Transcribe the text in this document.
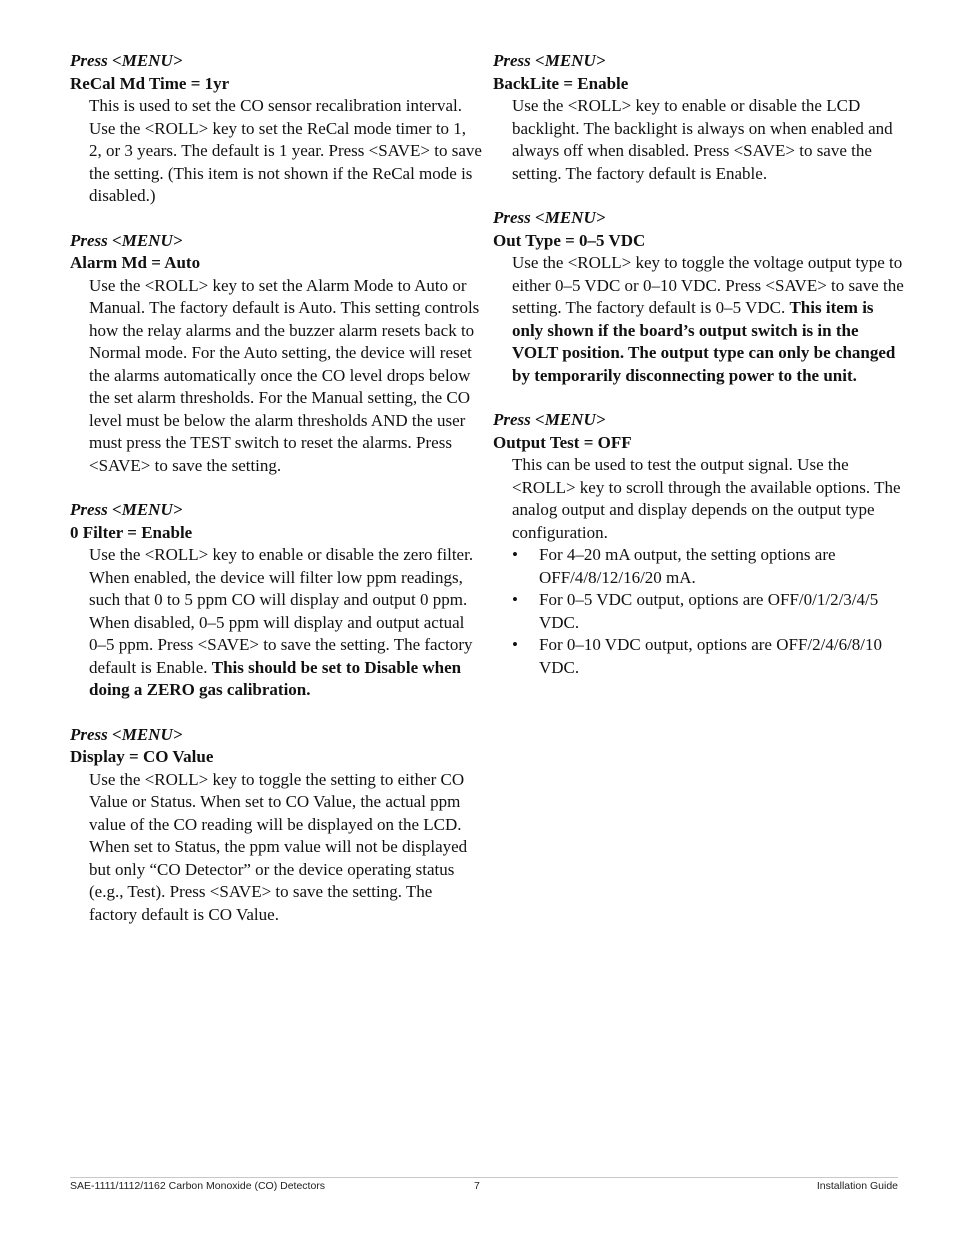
Press <MENU>
ReCal Md Time = 1yr
This is used to set the CO sensor recalibration interval. Use the <ROLL> key to set the ReCal mode timer to 1, 2, or 3 years. The default is 1 year. Press <SAVE> to save the setting. (This item is not shown if the ReCal mode is disabled.)
Press <MENU>
Alarm Md = Auto
Use the <ROLL> key to set the Alarm Mode to Auto or Manual. The factory default is Auto. This setting controls how the relay alarms and the buzzer alarm resets back to Normal mode. For the Auto setting, the device will reset the alarms automatically once the CO level drops below the set alarm thresholds. For the Manual setting, the CO level must be below the alarm thresholds AND the user must press the TEST switch to reset the alarms. Press <SAVE> to save the setting.
Press <MENU>
0 Filter = Enable
Use the <ROLL> key to enable or disable the zero filter. When enabled, the device will filter low ppm readings, such that 0 to 5 ppm CO will display and output 0 ppm. When disabled, 0–5 ppm will display and output actual 0–5 ppm. Press <SAVE> to save the setting. The factory default is Enable. This should be set to Disable when doing a ZERO gas calibration.
Press <MENU>
Display = CO Value
Use the <ROLL> key to toggle the setting to either CO Value or Status. When set to CO Value, the actual ppm value of the CO reading will be displayed on the LCD. When set to Status, the ppm value will not be displayed but only “CO Detector” or the device operating status (e.g., Test). Press <SAVE> to save the setting. The factory default is CO Value.
Press <MENU>
BackLite = Enable
Use the <ROLL> key to enable or disable the LCD backlight. The backlight is always on when enabled and always off when disabled. Press <SAVE> to save the setting. The factory default is Enable.
Press <MENU>
Out Type = 0–5 VDC
Use the <ROLL> key to toggle the voltage output type to either 0–5 VDC or 0–10 VDC. Press <SAVE> to save the setting. The factory default is 0–5 VDC. This item is only shown if the board’s output switch is in the VOLT position. The output type can only be changed by temporarily disconnecting power to the unit.
Press <MENU>
Output Test = OFF
This can be used to test the output signal. Use the <ROLL> key to scroll through the available options. The analog output and display depends on the output type configuration.
• For 4–20 mA output, the setting options are OFF/4/8/12/16/20 mA.
• For 0–5 VDC output, options are OFF/0/1/2/3/4/5 VDC.
• For 0–10 VDC output, options are OFF/2/4/6/8/10 VDC.
SAE-1111/1112/1162 Carbon Monoxide (CO) Detectors	7	Installation Guide
